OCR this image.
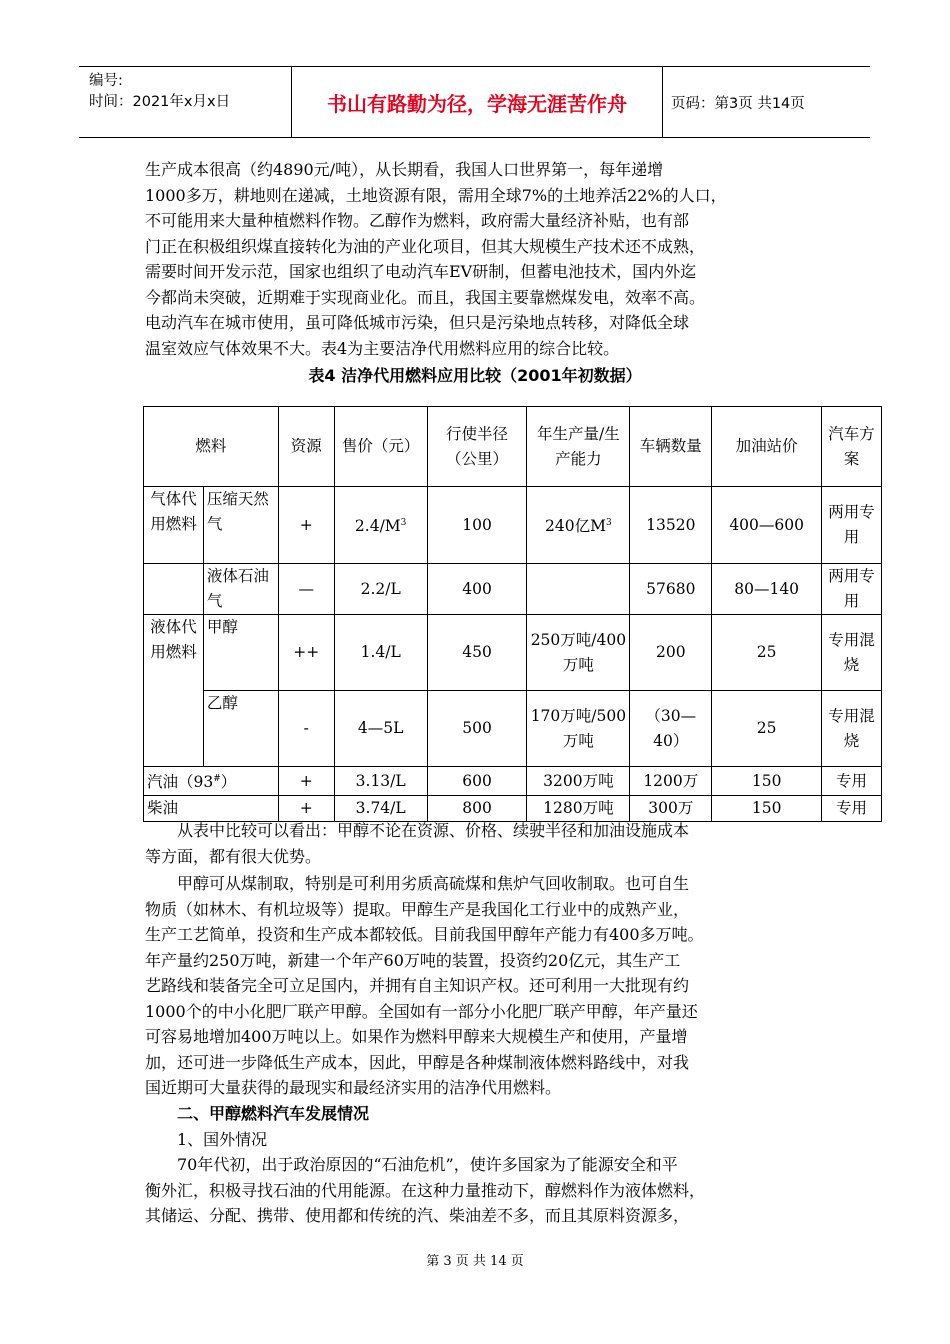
编号:
时间：2021年x月x日	书山有路勤为径，学海无涯苦作舟	页码：第3页 共14页

生产成本很高（约4890元/吨），从长期看，我国人口世界第一，每年递增

1000多万，耕地则在递减，土地资源有限，需用全球7%的土地养活22%的人口，

不可能用来大量种植燃料作物。乙醇作为燃料，政府需大量经济补贴，也有部

门正在积极组织煤直接转化为油的产业化项目，但其大规模生产技术还不成熟，

需要时间开发示范，国家也组织了电动汽车EV研制，但蓄电池技术，国内外迄

今都尚未突破，近期难于实现商业化。而且，我国主要靠燃煤发电，效率不高。

电动汽车在城市使用，虽可降低城市污染，但只是污染地点转移，对降低全球

温室效应气体效果不大。表4为主要洁净代用燃料应用的综合比较。

表4 洁净代用燃料应用比较（2001年初数据）

燃料		资源	售价（元）	行使半径（公里）	年生产量/生产能力	车辆数量	加油站价	汽车方案
气体代用燃料	压缩天然气	+	$2.4/M^3$	100	240亿$M^3$	13520	400—600	两用专用
	液体石油气	—	2.2/L	400		57680	80—140	两用专用
液体代用燃料	甲醇	++	1.4/L	450	250万吨/400万吨	200	25	专用混烧
	乙醇	-	4—5L	500	170万吨/500万吨	（30—40）	25	专用混烧
汽油（93#）		+	3.13/L	600	3200万吨	1200万	150	专用
柴油		+	3.74/L	800	1280万吨	300万	150	专用

从表中比较可以看出：甲醇不论在资源、价格、续驶半径和加油设施成本

等方面，都有很大优势。

甲醇可从煤制取，特别是可利用劣质高硫煤和焦炉气回收制取。也可自生

物质（如林木、有机垃圾等）提取。甲醇生产是我国化工行业中的成熟产业，

生产工艺简单，投资和生产成本都较低。目前我国甲醇年产能力有400多万吨。

年产量约250万吨，新建一个年产60万吨的装置，投资约20亿元，其生产工

艺路线和装备完全可立足国内，并拥有自主知识产权。还可利用一大批现有约

1000个的中小化肥厂联产甲醇。全国如有一部分小化肥厂联产甲醇，年产量还

可容易地增加400万吨以上。如果作为燃料甲醇来大规模生产和使用，产量增

加，还可进一步降低生产成本，因此，甲醇是各种煤制液体燃料路线中，对我

国近期可大量获得的最现实和最经济实用的洁净代用燃料。

二、甲醇燃料汽车发展情况

1、国外情况

70年代初，出于政治原因的“石油危机”，使许多国家为了能源安全和平

衡外汇，积极寻找石油的代用能源。在这种力量推动下，醇燃料作为液体燃料，

其储运、分配、携带、使用都和传统的汽、柴油差不多，而且其原料资源多，

第 3 页 共 14 页
